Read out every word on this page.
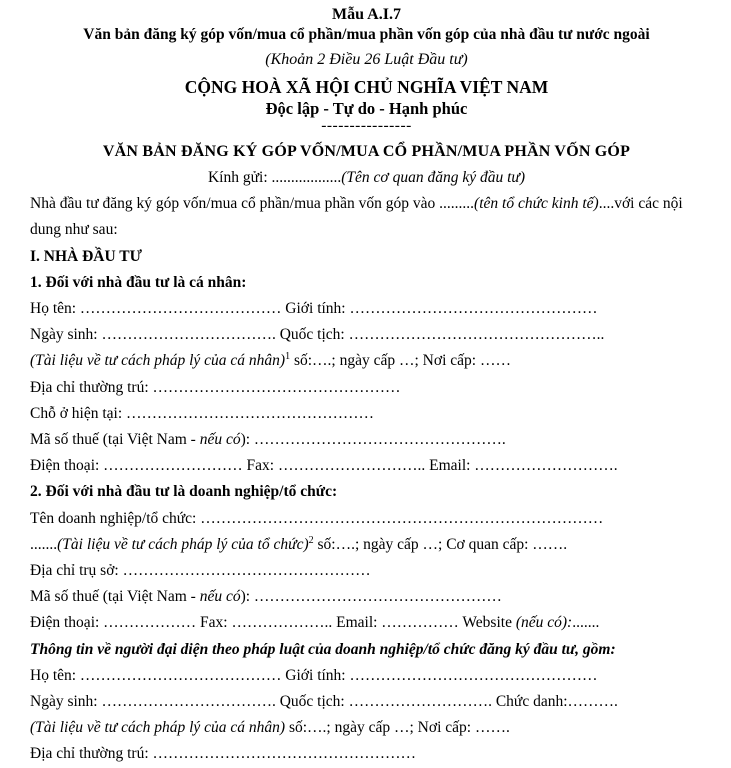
Mẫu A.I.7
Văn bản đăng ký góp vốn/mua cổ phần/mua phần vốn góp của nhà đầu tư nước ngoài
(Khoản 2 Điều 26 Luật Đầu tư)
CỘNG HOÀ XÃ HỘI CHỦ NGHĨA VIỆT NAM
Độc lập - Tự do - Hạnh phúc
----------------
VĂN BẢN ĐĂNG KÝ GÓP VỐN/MUA CỔ PHẦN/MUA PHẦN VỐN GÓP
Kính gửi: ..................(Tên cơ quan đăng ký đầu tư)
Nhà đầu tư đăng ký góp vốn/mua cổ phần/mua phần vốn góp vào .........(tên tổ chức kinh tế)....với các nội dung như sau:
I. NHÀ ĐẦU TƯ
1. Đối với nhà đầu tư là cá nhân:
Họ tên: ………………………………… Giới tính: …………………………………………
Ngày sinh: ……………………………. Quốc tịch: …………………………………………..
(Tài liệu về tư cách pháp lý của cá nhân)$^1$ số:….; ngày cấp …; Nơi cấp: ……
Địa chỉ thường trú: …………………………………………
Chỗ ở hiện tại: …………………………………………
Mã số thuế (tại Việt Nam - nếu có): ………………………………………….
Điện thoại: ……………………… Fax: ……………………….. Email: ……………………….
2. Đối với nhà đầu tư là doanh nghiệp/tổ chức:
Tên doanh nghiệp/tổ chức: ……………………………………………………………………
.......(Tài liệu về tư cách pháp lý của tổ chức)$^2$ số:….; ngày cấp …; Cơ quan cấp: …….
Địa chỉ trụ sở: …………………………………………
Mã số thuế (tại Việt Nam - nếu có): …………………………………………
Điện thoại: ……………… Fax: ……………….. Email: …………… Website (nếu có):.......
Thông tin về người đại diện theo pháp luật của doanh nghiệp/tổ chức đăng ký đầu tư, gồm:
Họ tên: ………………………………… Giới tính: …………………………………………
Ngày sinh: ……………………………. Quốc tịch: ………………………. Chức danh:……….
(Tài liệu về tư cách pháp lý của cá nhân) số:….; ngày cấp …; Nơi cấp: …….
Địa chỉ thường trú: ……………………………………………
